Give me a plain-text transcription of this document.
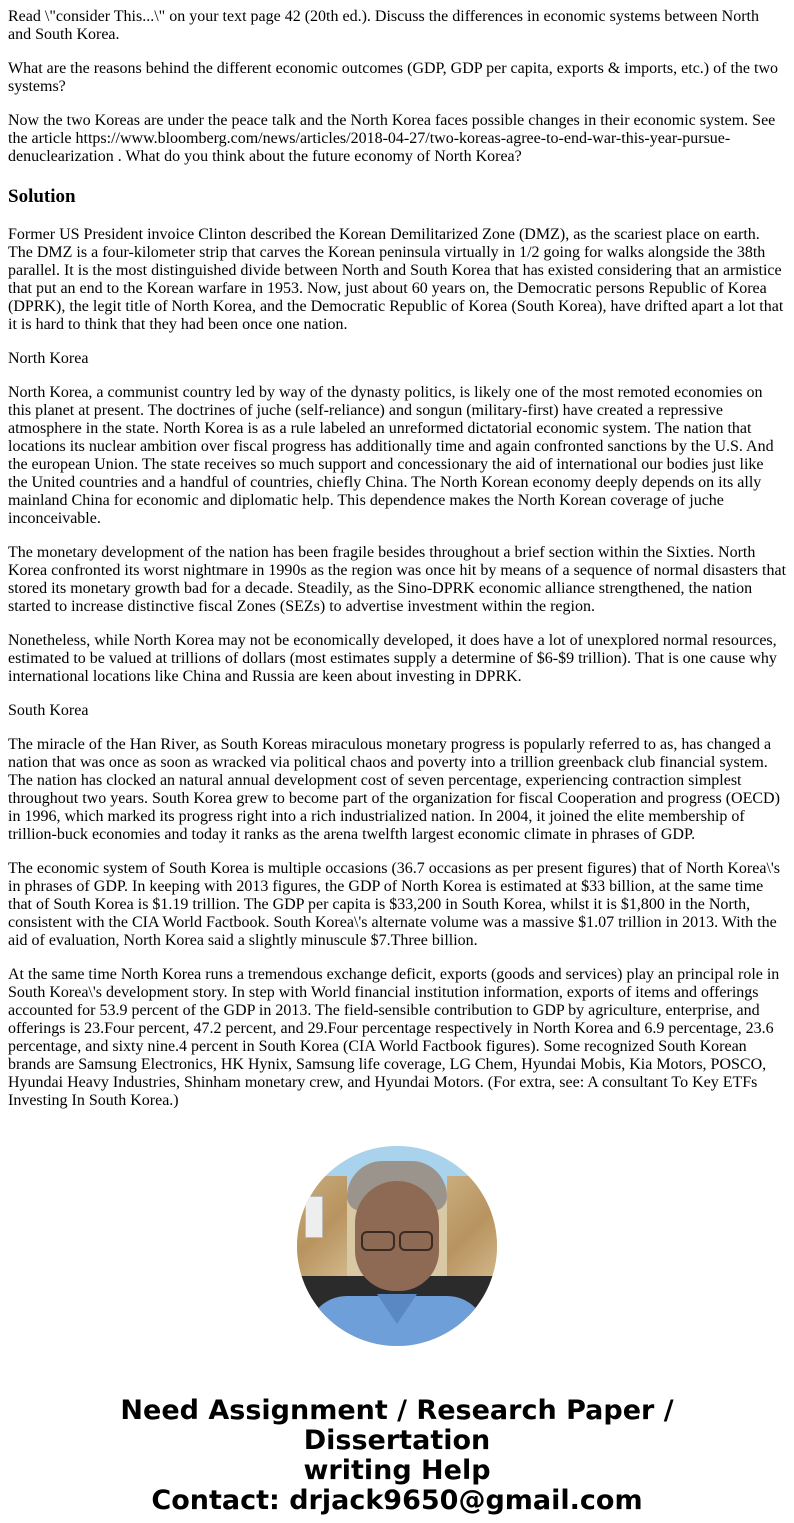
Read \"consider This...\" on your text page 42 (20th ed.). Discuss the differences in economic systems between North and South Korea.

What are the reasons behind the different economic outcomes (GDP, GDP per capita, exports & imports, etc.) of the two systems?

Now the two Koreas are under the peace talk and the North Korea faces possible changes in their economic system. See the article https://www.bloomberg.com/news/articles/2018-04-27/two-koreas-agree-to-end-war-this-year-pursue-denuclearization . What do you think about the future economy of North Korea?

Solution

Former US President invoice Clinton described the Korean Demilitarized Zone (DMZ), as the scariest place on earth. The DMZ is a four-kilometer strip that carves the Korean peninsula virtually in 1/2 going for walks alongside the 38th parallel. It is the most distinguished divide between North and South Korea that has existed considering that an armistice that put an end to the Korean warfare in 1953. Now, just about 60 years on, the Democratic persons Republic of Korea (DPRK), the legit title of North Korea, and the Democratic Republic of Korea (South Korea), have drifted apart a lot that it is hard to think that they had been once one nation.

North Korea

North Korea, a communist country led by way of the dynasty politics, is likely one of the most remoted economies on this planet at present. The doctrines of juche (self-reliance) and songun (military-first) have created a repressive atmosphere in the state. North Korea is as a rule labeled an unreformed dictatorial economic system. The nation that locations its nuclear ambition over fiscal progress has additionally time and again confronted sanctions by the U.S. And the european Union. The state receives so much support and concessionary the aid of international our bodies just like the United countries and a handful of countries, chiefly China. The North Korean economy deeply depends on its ally mainland China for economic and diplomatic help. This dependence makes the North Korean coverage of juche inconceivable.

The monetary development of the nation has been fragile besides throughout a brief section within the Sixties. North Korea confronted its worst nightmare in 1990s as the region was once hit by means of a sequence of normal disasters that stored its monetary growth bad for a decade. Steadily, as the Sino-DPRK economic alliance strengthened, the nation started to increase distinctive fiscal Zones (SEZs) to advertise investment within the region.

Nonetheless, while North Korea may not be economically developed, it does have a lot of unexplored normal resources, estimated to be valued at trillions of dollars (most estimates supply a determine of $6-$9 trillion). That is one cause why international locations like China and Russia are keen about investing in DPRK.

South Korea

The miracle of the Han River, as South Koreas miraculous monetary progress is popularly referred to as, has changed a nation that was once as soon as wracked via political chaos and poverty into a trillion greenback club financial system. The nation has clocked an natural annual development cost of seven percentage, experiencing contraction simplest throughout two years. South Korea grew to become part of the organization for fiscal Cooperation and progress (OECD) in 1996, which marked its progress right into a rich industrialized nation. In 2004, it joined the elite membership of trillion-buck economies and today it ranks as the arena twelfth largest economic climate in phrases of GDP.

The economic system of South Korea is multiple occasions (36.7 occasions as per present figures) that of North Korea\'s in phrases of GDP. In keeping with 2013 figures, the GDP of North Korea is estimated at $33 billion, at the same time that of South Korea is $1.19 trillion. The GDP per capita is $33,200 in South Korea, whilst it is $1,800 in the North, consistent with the CIA World Factbook. South Korea\'s alternate volume was a massive $1.07 trillion in 2013. With the aid of evaluation, North Korea said a slightly minuscule $7.Three billion.

At the same time North Korea runs a tremendous exchange deficit, exports (goods and services) play an principal role in South Korea\'s development story. In step with World financial institution information, exports of items and offerings accounted for 53.9 percent of the GDP in 2013. The field-sensible contribution to GDP by agriculture, enterprise, and offerings is 23.Four percent, 47.2 percent, and 29.Four percentage respectively in North Korea and 6.9 percentage, 23.6 percentage, and sixty nine.4 percent in South Korea (CIA World Factbook figures). Some recognized South Korean brands are Samsung Electronics, HK Hynix, Samsung life coverage, LG Chem, Hyundai Mobis, Kia Motors, POSCO, Hyundai Heavy Industries, Shinham monetary crew, and Hyundai Motors. (For extra, see: A consultant To Key ETFs Investing In South Korea.)

Need Assignment / Research Paper / Dissertation
writing Help
Contact: drjack9650@gmail.com
